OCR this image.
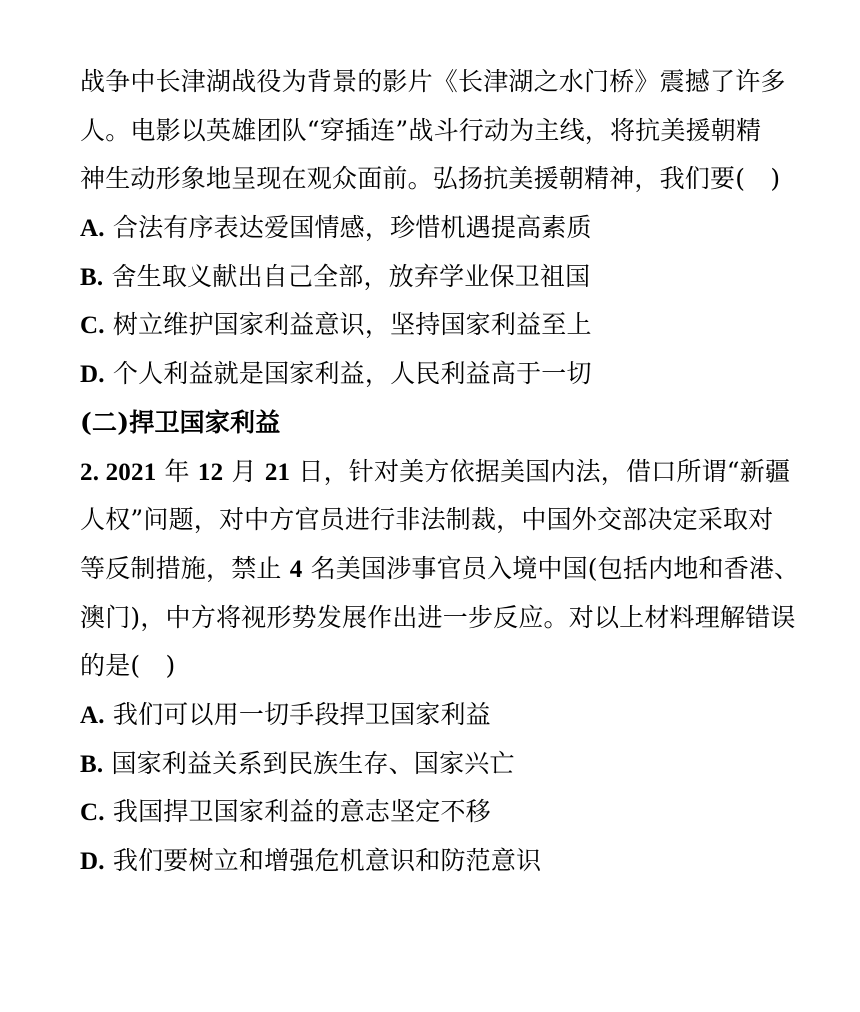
战争中长津湖战役为背景的影片《长津湖之水门桥》震撼了许多
人。电影以英雄团队“穿插连”战斗行动为主线，将抗美援朝精
神生动形象地呈现在观众面前。弘扬抗美援朝精神，我们要(　)
A. 合法有序表达爱国情感，珍惜机遇提高素质
B. 舍生取义献出自己全部，放弃学业保卫祖国
C. 树立维护国家利益意识，坚持国家利益至上
D. 个人利益就是国家利益，人民利益高于一切
(二)捍卫国家利益
2. 2021 年 12 月 21 日，针对美方依据美国内法，借口所谓“新疆
人权”问题，对中方官员进行非法制裁，中国外交部决定采取对
等反制措施，禁止 4 名美国涉事官员入境中国(包括内地和香港、
澳门)，中方将视形势发展作出进一步反应。对以上材料理解错误
的是(　)
A. 我们可以用一切手段捍卫国家利益
B. 国家利益关系到民族生存、国家兴亡
C. 我国捍卫国家利益的意志坚定不移
D. 我们要树立和增强危机意识和防范意识
